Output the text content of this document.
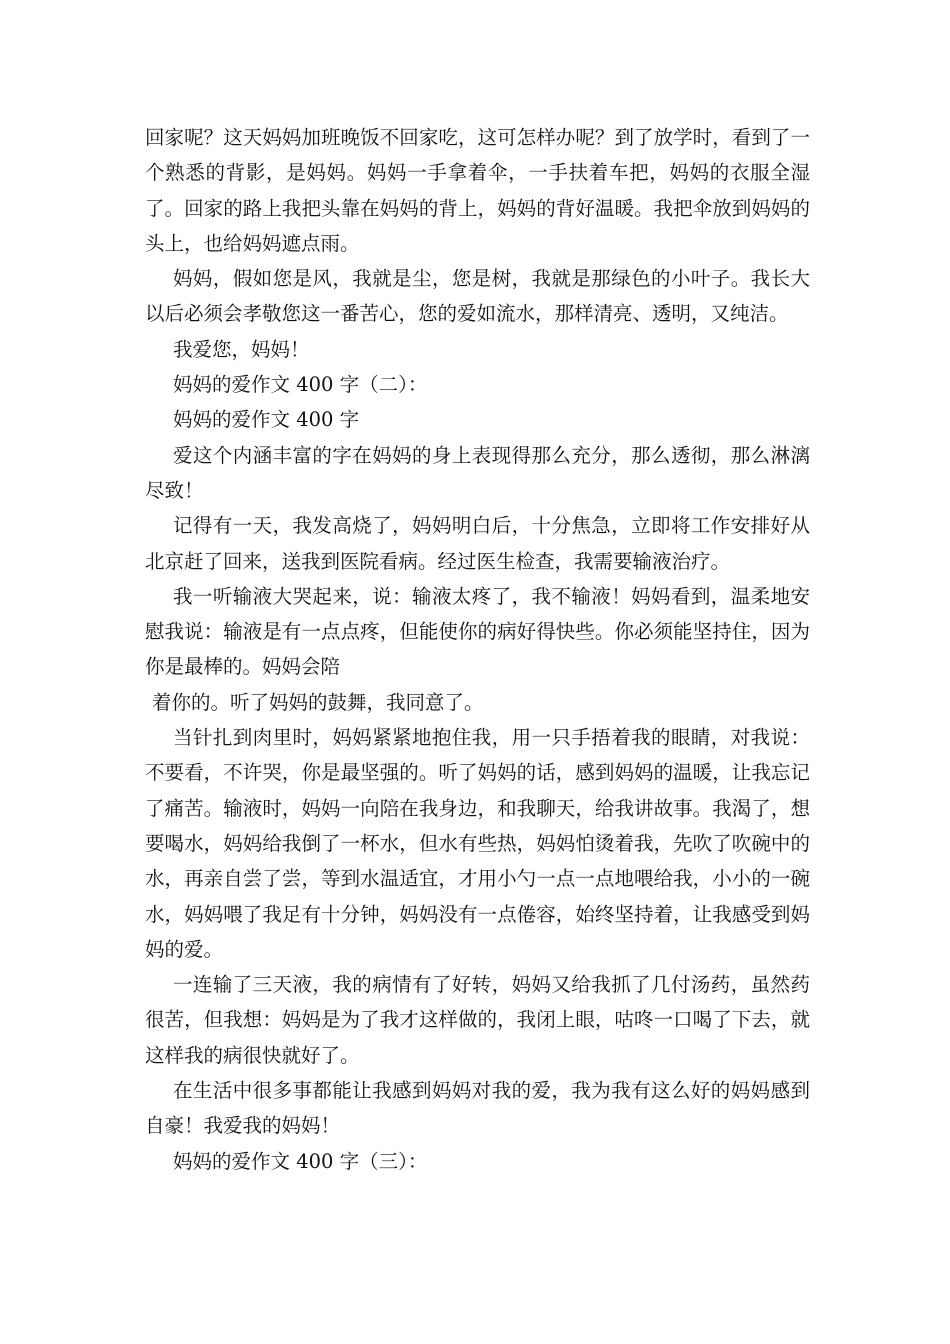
回家呢？这天妈妈加班晚饭不回家吃，这可怎样办呢？到了放学时，看到了一个熟悉的背影，是妈妈。妈妈一手拿着伞，一手扶着车把，妈妈的衣服全湿了。回家的路上我把头靠在妈妈的背上，妈妈的背好温暖。我把伞放到妈妈的头上，也给妈妈遮点雨。

妈妈，假如您是风，我就是尘，您是树，我就是那绿色的小叶子。我长大以后必须会孝敬您这一番苦心，您的爱如流水，那样清亮、透明，又纯洁。

我爱您，妈妈！

妈妈的爱作文 400 字（二）：

妈妈的爱作文 400 字

爱这个内涵丰富的字在妈妈的身上表现得那么充分，那么透彻，那么淋漓尽致！

记得有一天，我发高烧了，妈妈明白后，十分焦急，立即将工作安排好从北京赶了回来，送我到医院看病。经过医生检查，我需要输液治疗。

我一听输液大哭起来，说：输液太疼了，我不输液！妈妈看到，温柔地安慰我说：输液是有一点点疼，但能使你的病好得快些。你必须能坚持住，因为你是最棒的。妈妈会陪

着你的。听了妈妈的鼓舞，我同意了。

当针扎到肉里时，妈妈紧紧地抱住我，用一只手捂着我的眼睛，对我说：不要看，不许哭，你是最坚强的。听了妈妈的话，感到妈妈的温暖，让我忘记了痛苦。输液时，妈妈一向陪在我身边，和我聊天，给我讲故事。我渴了，想要喝水，妈妈给我倒了一杯水，但水有些热，妈妈怕烫着我，先吹了吹碗中的水，再亲自尝了尝，等到水温适宜，才用小勺一点一点地喂给我，小小的一碗水，妈妈喂了我足有十分钟，妈妈没有一点倦容，始终坚持着，让我感受到妈妈的爱。

一连输了三天液，我的病情有了好转，妈妈又给我抓了几付汤药，虽然药很苦，但我想：妈妈是为了我才这样做的，我闭上眼，咕咚一口喝了下去，就这样我的病很快就好了。

在生活中很多事都能让我感到妈妈对我的爱，我为我有这么好的妈妈感到自豪！我爱我的妈妈！

妈妈的爱作文 400 字（三）：
